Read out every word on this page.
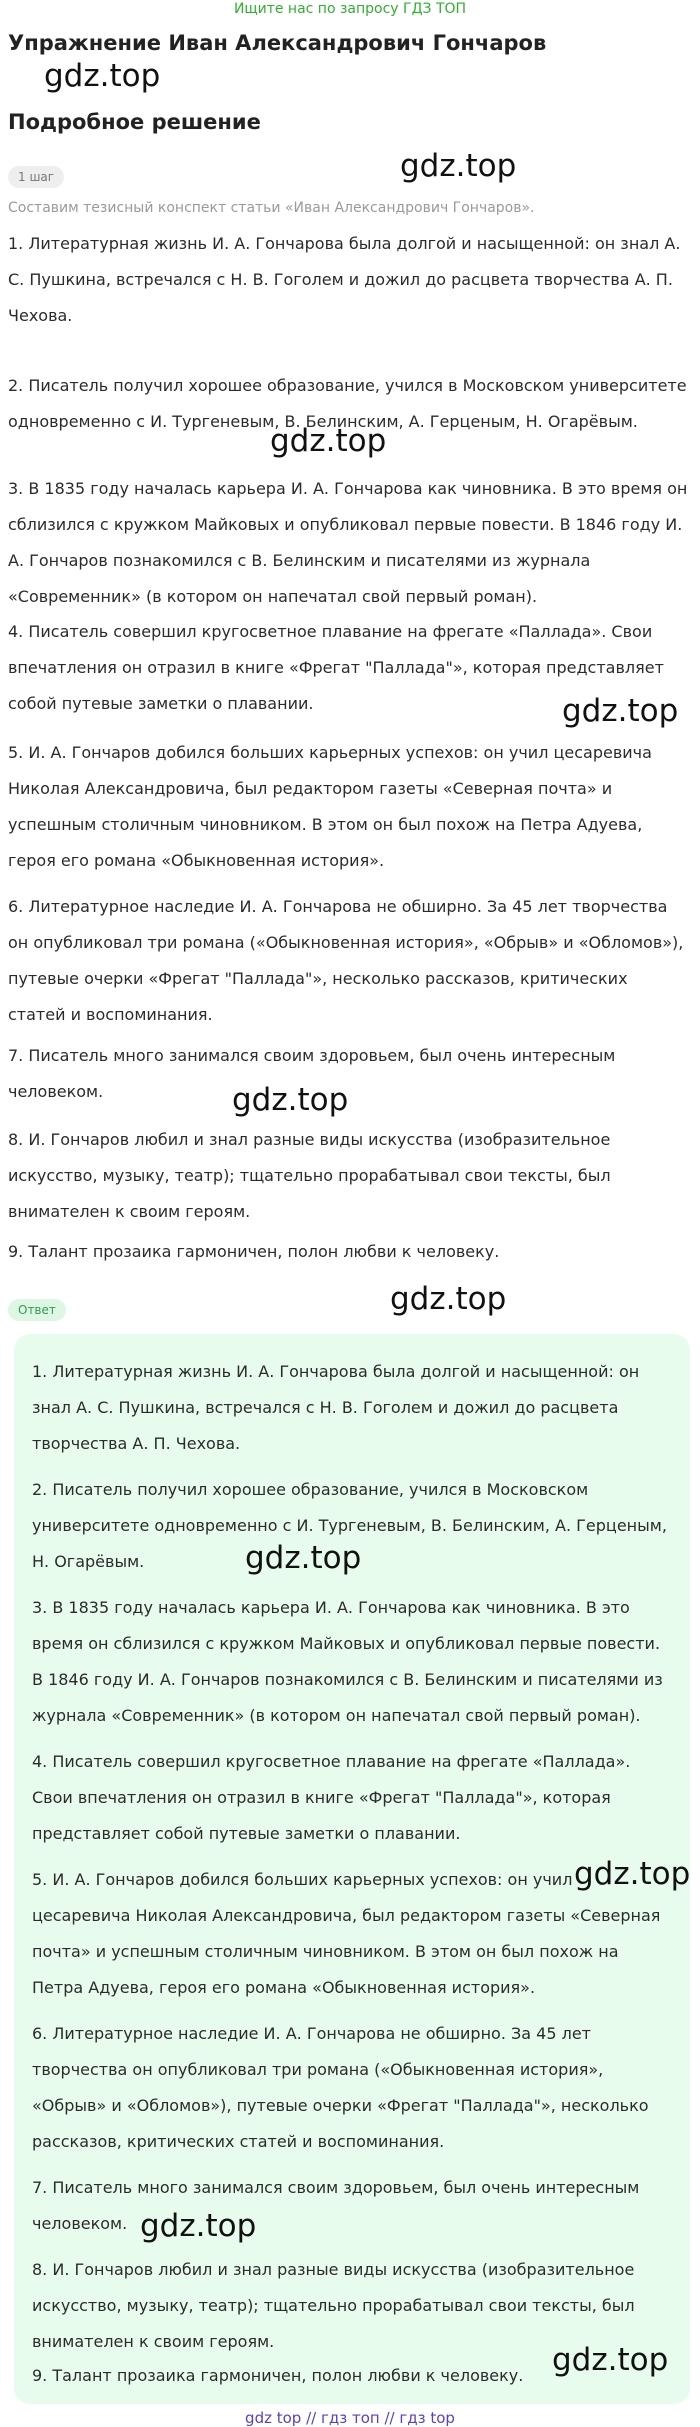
Ищите нас по запросу ГДЗ ТОП
Упражнение Иван Александрович Гончаров
gdz.top
Подробное решение
1 шаг	gdz.top

Составим тезисный конспект статьи «Иван Александрович Гончаров».

1. Литературная жизнь И. А. Гончарова была долгой и насыщенной: он знал А. С. Пушкина, встречался с Н. В. Гоголем и дожил до расцвета творчества А. П. Чехова.

2. Писатель получил хорошее образование, учился в Московском университете одновременно с И. Тургеневым, В. Белинским, А. Герценым, Н. Огарёвым.

gdz.top

3. В 1835 году началась карьера И. А. Гончарова как чиновника. В это время он сблизился с кружком Майковых и опубликовал первые повести. В 1846 году И. А. Гончаров познакомился с В. Белинским и писателями из журнала «Современник» (в котором он напечатал свой первый роман).

4. Писатель совершил кругосветное плавание на фрегате «Паллада». Свои впечатления он отразил в книге «Фрегат "Паллада"», которая представляет собой путевые заметки о плавании.	gdz.top

5. И. А. Гончаров добился больших карьерных успехов: он учил цесаревича Николая Александровича, был редактором газеты «Северная почта» и успешным столичным чиновником. В этом он был похож на Петра Адуева, героя его романа «Обыкновенная история».

6. Литературное наследие И. А. Гончарова не обширно. За 45 лет творчества он опубликовал три романа («Обыкновенная история», «Обрыв» и «Обломов»), путевые очерки «Фрегат "Паллада"», несколько рассказов, критических статей и воспоминания.

7. Писатель много занимался своим здоровьем, был очень интересным человеком.	gdz.top

8. И. Гончаров любил и знал разные виды искусства (изобразительное искусство, музыку, театр); тщательно прорабатывал свои тексты, был внимателен к своим героям.

9. Талант прозаика гармоничен, полон любви к человеку.

Ответ	gdz.top

1. Литературная жизнь И. А. Гончарова была долгой и насыщенной: он знал А. С. Пушкина, встречался с Н. В. Гоголем и дожил до расцвета творчества А. П. Чехова.

2. Писатель получил хорошее образование, учился в Московском университете одновременно с И. Тургеневым, В. Белинским, А. Герценым, Н. Огарёвым.	gdz.top

3. В 1835 году началась карьера И. А. Гончарова как чиновника. В это время он сблизился с кружком Майковых и опубликовал первые повести. В 1846 году И. А. Гончаров познакомился с В. Белинским и писателями из журнала «Современник» (в котором он напечатал свой первый роман).

4. Писатель совершил кругосветное плавание на фрегате «Паллада». Свои впечатления он отразил в книге «Фрегат "Паллада"», которая представляет собой путевые заметки о плавании.

5. И. А. Гончаров добился больших карьерных успехов: он учил цесаревича Николая Александровича, был редактором газеты «Северная почта» и успешным столичным чиновником. В этом он был похож на Петра Адуева, героя его романа «Обыкновенная история».

gdz.top

6. Литературное наследие И. А. Гончарова не обширно. За 45 лет творчества он опубликовал три романа («Обыкновенная история», «Обрыв» и «Обломов»), путевые очерки «Фрегат "Паллада"», несколько рассказов, критических статей и воспоминания.

7. Писатель много занимался своим здоровьем, был очень интересным человеком. gdz.top

8. И. Гончаров любил и знал разные виды искусства (изобразительное искусство, музыку, театр); тщательно прорабатывал свои тексты, был внимателен к своим героям.

9. Талант прозаика гармоничен, полон любви к человеку. gdz.top
gdz top // гдз топ // гдз top
